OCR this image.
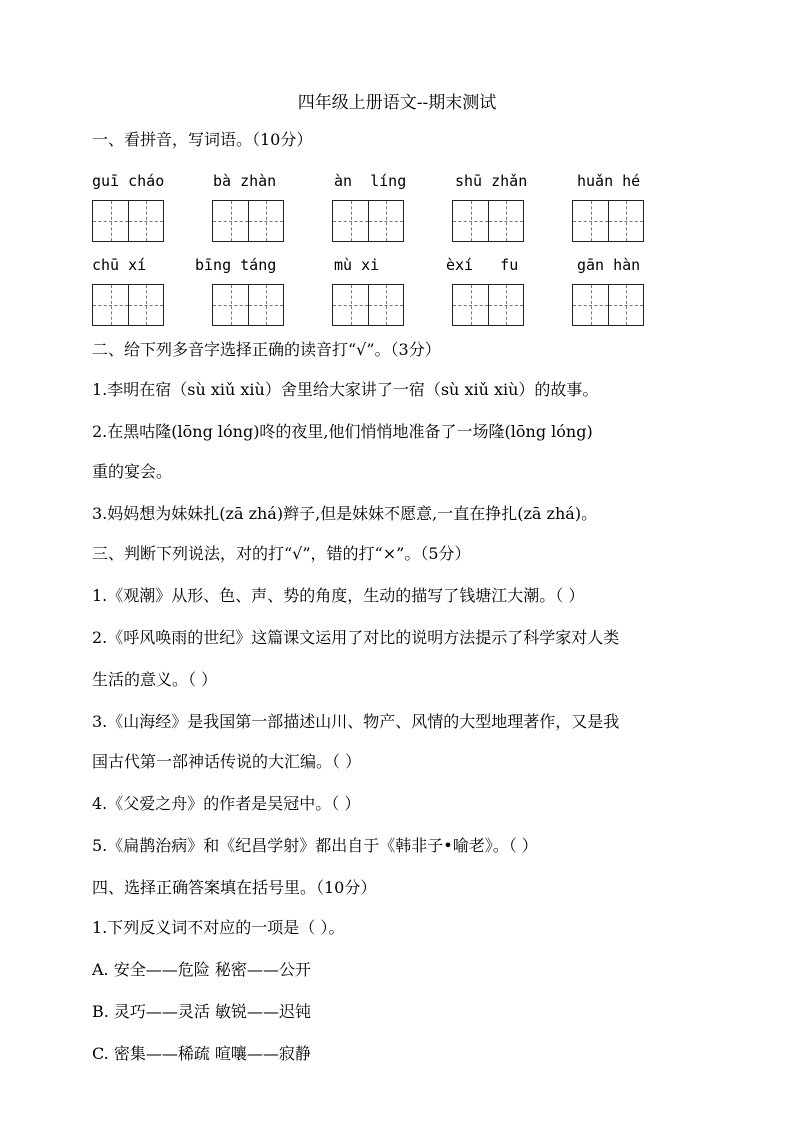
四年级上册语文--期末测试
一、看拼音，写词语。（10分）
guī cháo	bà zhàn	àn  líng	shū zhǎn	huǎn hé
chū xí	bīng táng	mù xi	èxí   fu	gān hàn
二、给下列多音字选择正确的读音打“√”。（3分）
1.李明在宿（sù xiǔ xiù）舍里给大家讲了一宿（sù xiǔ xiù）的故事。
2.在黑咕隆(lōng lóng)咚的夜里,他们悄悄地准备了一场隆(lōng lóng)
重的宴会。
3.妈妈想为妹妹扎(zā zhá)辫子,但是妹妹不愿意,一直在挣扎(zā zhá)。
三、判断下列说法，对的打“√”，错的打“×”。（5分）
1.《观潮》从形、色、声、势的角度，生动的描写了钱塘江大潮。（ ）
2.《呼风唤雨的世纪》这篇课文运用了对比的说明方法提示了科学家对人类
生活的意义。（ ）
3.《山海经》是我国第一部描述山川、物产、风情的大型地理著作，又是我
国古代第一部神话传说的大汇编。（ ）
4.《父爱之舟》的作者是吴冠中。（ ）
5.《扁鹊治病》和《纪昌学射》都出自于《韩非子•喻老》。（ ）
四、选择正确答案填在括号里。（10分）
1.下列反义词不对应的一项是（ ）。
A. 安全——危险 秘密——公开
B. 灵巧——灵活 敏锐——迟钝
C. 密集——稀疏 喧嚷——寂静
